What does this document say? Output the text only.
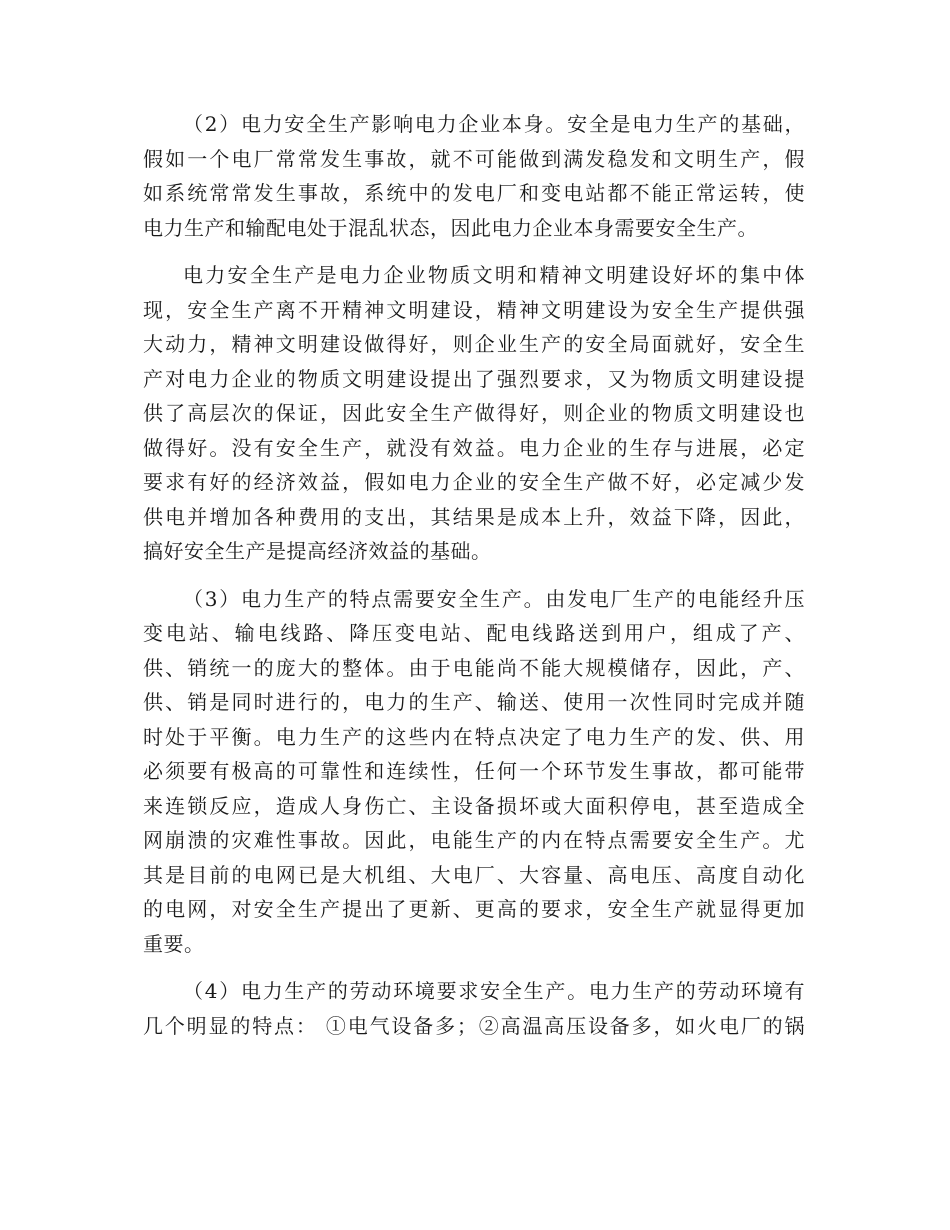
（2）电力安全生产影响电力企业本身。安全是电力生产的基础，
假如一个电厂常常发生事故，就不可能做到满发稳发和文明生产，假
如系统常常发生事故，系统中的发电厂和变电站都不能正常运转，使
电力生产和输配电处于混乱状态，因此电力企业本身需要安全生产。
电力安全生产是电力企业物质文明和精神文明建设好坏的集中体
现，安全生产离不开精神文明建设，精神文明建设为安全生产提供强
大动力，精神文明建设做得好，则企业生产的安全局面就好，安全生
产对电力企业的物质文明建设提出了强烈要求，又为物质文明建设提
供了高层次的保证，因此安全生产做得好，则企业的物质文明建设也
做得好。没有安全生产，就没有效益。电力企业的生存与进展，必定
要求有好的经济效益，假如电力企业的安全生产做不好，必定减少发
供电并增加各种费用的支出，其结果是成本上升，效益下降，因此，
搞好安全生产是提高经济效益的基础。
（3）电力生产的特点需要安全生产。由发电厂生产的电能经升压
变电站、输电线路、降压变电站、配电线路送到用户，组成了产、
供、销统一的庞大的整体。由于电能尚不能大规模储存，因此，产、
供、销是同时进行的，电力的生产、输送、使用一次性同时完成并随
时处于平衡。电力生产的这些内在特点决定了电力生产的发、供、用
必须要有极高的可靠性和连续性，任何一个环节发生事故，都可能带
来连锁反应，造成人身伤亡、主设备损坏或大面积停电，甚至造成全
网崩溃的灾难性事故。因此，电能生产的内在特点需要安全生产。尤
其是目前的电网已是大机组、大电厂、大容量、高电压、高度自动化
的电网，对安全生产提出了更新、更高的要求，安全生产就显得更加
重要。
（4）电力生产的劳动环境要求安全生产。电力生产的劳动环境有
几个明显的特点： ①电气设备多；②高温高压设备多，如火电厂的锅
